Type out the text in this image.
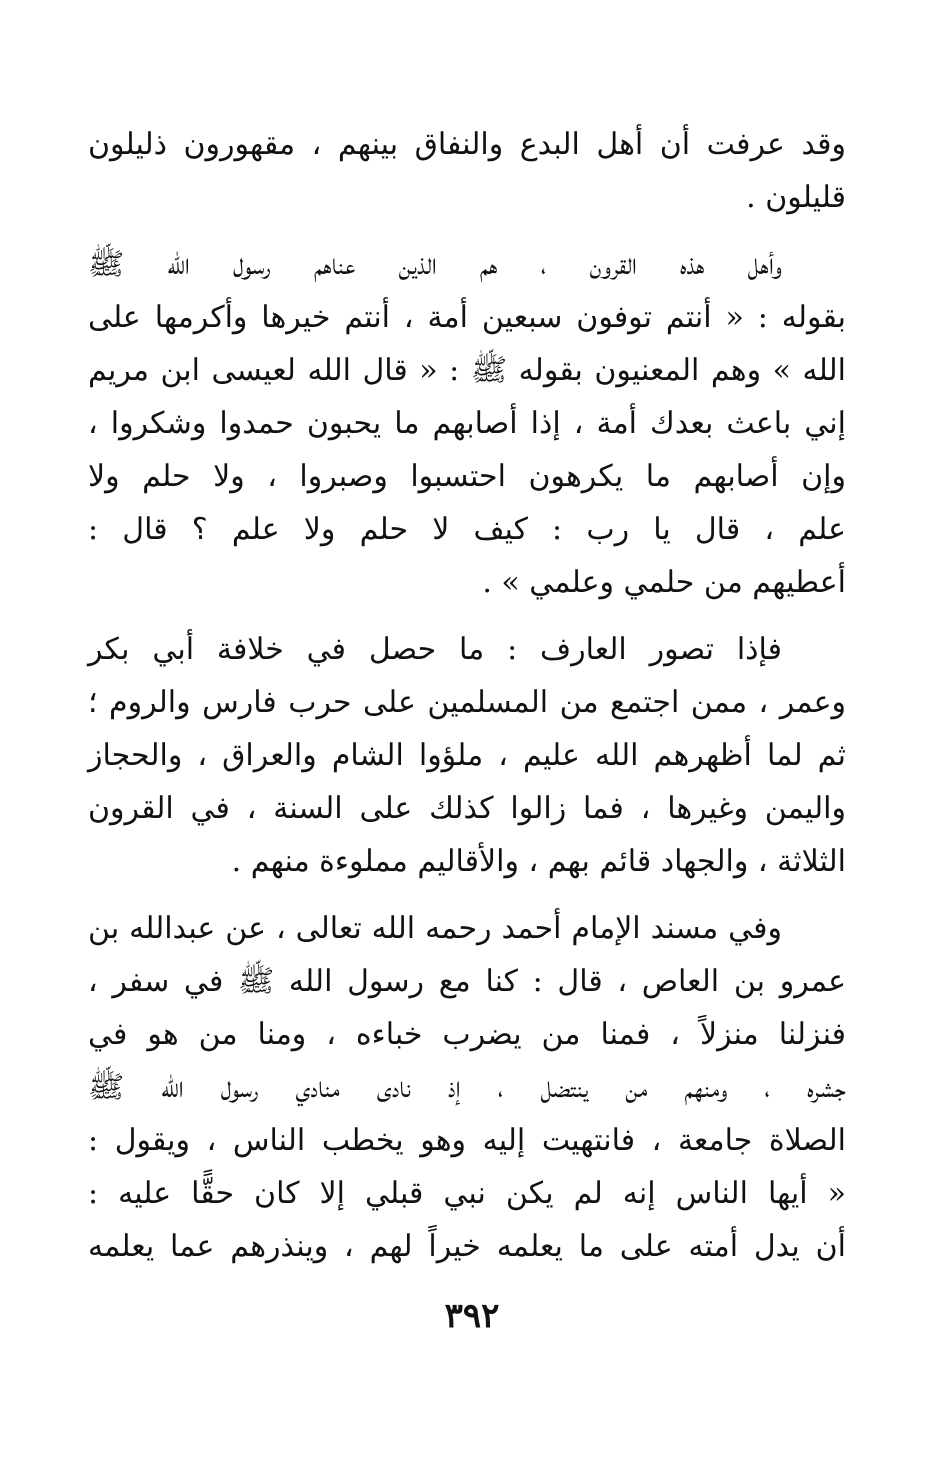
وقد عرفت أن أهل البدع والنفاق بينهم ، مقهورون ذليلون
قليلون .
وأهل هذه القرون ، هم الذين عناهم رسول الله ﷺ
بقوله : « أنتم توفون سبعين أمة ، أنتم خيرها وأكرمها على
الله » وهم المعنيون بقوله ﷺ : « قال الله لعيسى ابن مريم
إني باعث بعدك أمة ، إذا أصابهم ما يحبون حمدوا وشكروا ،
وإن أصابهم ما يكرهون احتسبوا وصبروا ، ولا حلم ولا
علم ، قال يا رب : كيف لا حلم ولا علم ؟ قال :
أعطيهم من حلمي وعلمي » .
فإذا تصور العارف : ما حصل في خلافة أبي بكر
وعمر ، ممن اجتمع من المسلمين على حرب فارس والروم ؛
ثم لما أظهرهم الله عليم ، ملؤوا الشام والعراق ، والحجاز
واليمن وغيرها ، فما زالوا كذلك على السنة ، في القرون
الثلاثة ، والجهاد قائم بهم ، والأقاليم مملوءة منهم .
وفي مسند الإمام أحمد رحمه الله تعالى ، عن عبدالله بن
عمرو بن العاص ، قال : كنا مع رسول الله ﷺ في سفر ،
فنزلنا منزلاً ، فمنا من يضرب خباءه ، ومنا من هو في
جشره ، ومنهم من ينتضل ، إذ نادى منادي رسول الله ﷺ
الصلاة جامعة ، فانتهيت إليه وهو يخطب الناس ، ويقول :
« أيها الناس إنه لم يكن نبي قبلي إلا كان حقًّا عليه :
أن يدل أمته على ما يعلمه خيراً لهم ، وينذرهم عما يعلمه
٣٩٢
